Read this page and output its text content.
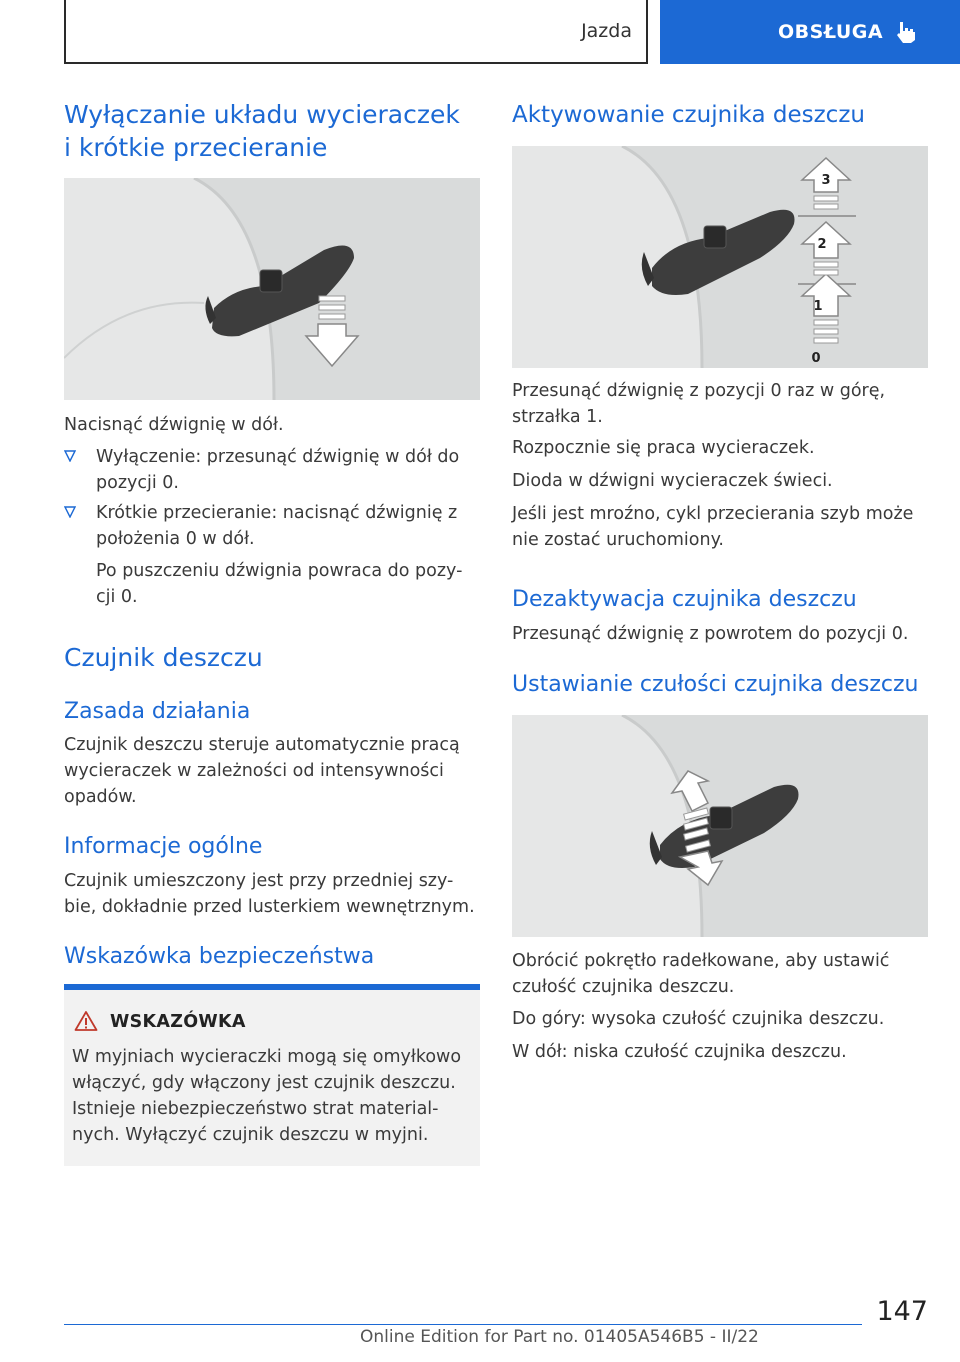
Jazda	OBSŁUGA
Wyłączanie układu wycieraczek
i krótkie przecieranie

Nacisnąć dźwignię w dół.

Wyłączenie: przesunąć dźwignię w dół do
pozycji 0.
Krótkie przecieranie: nacisnąć dźwignię z
położenia 0 w dół.

Po puszczeniu dźwignia powraca do pozy-
cji 0.

Czujnik deszczu
Zasada działania

Czujnik deszczu steruje automatycznie pracą
wycieraczek w zależności od intensywności
opadów.

Informacje ogólne

Czujnik umieszczony jest przy przedniej szy-
bie, dokładnie przed lusterkiem wewnętrznym.

Wskazówka bezpieczeństwa
WSKAZÓWKA

W myjniach wycieraczki mogą się omyłkowo
włączyć, gdy włączony jest czujnik deszczu.
Istnieje niebezpieczeństwo strat material-
nych. Wyłączyć czujnik deszczu w myjni.

Aktywowanie czujnika deszczu
3
2
1
0

Przesunąć dźwignię z pozycji 0 raz w górę,
strzałka 1.

Rozpocznie się praca wycieraczek.

Dioda w dźwigni wycieraczek świeci.

Jeśli jest mroźno, cykl przecierania szyb może
nie zostać uruchomiony.

Dezaktywacja czujnika deszczu

Przesunąć dźwignię z powrotem do pozycji 0.

Ustawianie czułości czujnika deszczu

Obrócić pokrętło radełkowane, aby ustawić
czułość czujnika deszczu.

Do góry: wysoka czułość czujnika deszczu.

W dół: niska czułość czujnika deszczu.

147
Online Edition for Part no. 01405A546B5 - II/22
